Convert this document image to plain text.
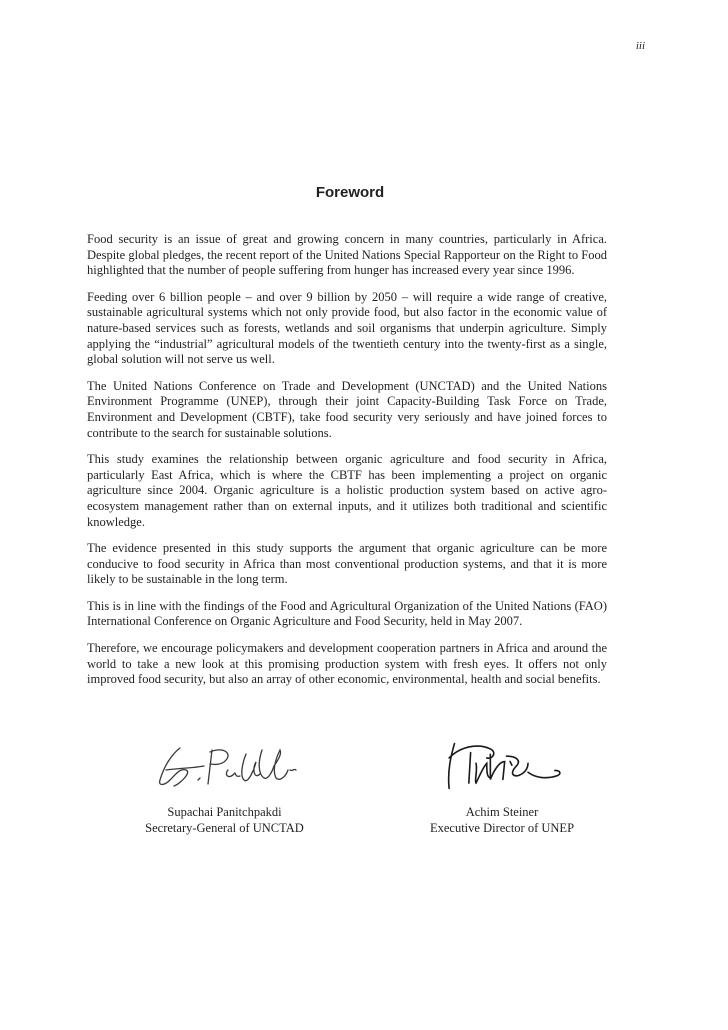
iii
Foreword

Food security is an issue of great and growing concern in many countries, particularly in Africa. Despite global pledges, the recent report of the United Nations Special Rapporteur on the Right to Food highlighted that the number of people suffering from hunger has increased every year since 1996.

Feeding over 6 billion people – and over 9 billion by 2050 – will require a wide range of creative, sustainable agricultural systems which not only provide food, but also factor in the economic value of nature-based services such as forests, wetlands and soil organisms that underpin agriculture. Simply applying the “industrial” agricultural models of the twentieth century into the twenty-first as a single, global solution will not serve us well.

The United Nations Conference on Trade and Development (UNCTAD) and the United Nations Environment Programme (UNEP), through their joint Capacity-Building Task Force on Trade, Environment and Development (CBTF), take food security very seriously and have joined forces to contribute to the search for sustainable solutions.

This study examines the relationship between organic agriculture and food security in Africa, particularly East Africa, which is where the CBTF has been implementing a project on organic agriculture since 2004. Organic agriculture is a holistic production system based on active agro-ecosystem management rather than on external inputs, and it utilizes both traditional and scientific knowledge.

The evidence presented in this study supports the argument that organic agriculture can be more conducive to food security in Africa than most conventional production systems, and that it is more likely to be sustainable in the long term.

This is in line with the findings of the Food and Agricultural Organization of the United Nations (FAO) International Conference on Organic Agriculture and Food Security, held in May 2007.

Therefore, we encourage policymakers and development cooperation partners in Africa and around the world to take a new look at this promising production system with fresh eyes. It offers not only improved food security, but also an array of other economic, environmental, health and social benefits.

Supachai Panitchpakdi
Secretary-General of UNCTAD
Achim Steiner
Executive Director of UNEP
